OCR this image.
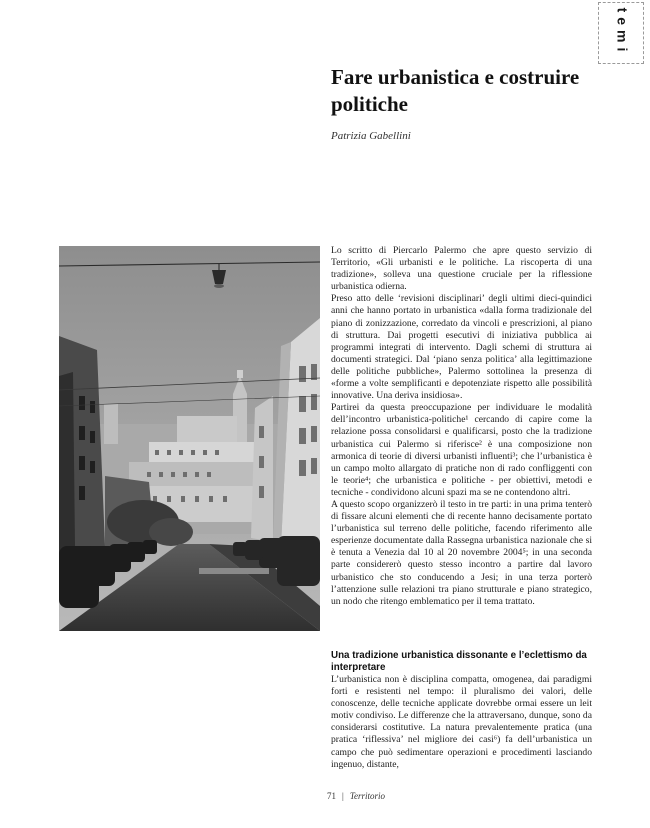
temi
Fare urbanistica e costruire politiche

Patrizia Gabellini

Lo scritto di Piercarlo Palermo che apre questo servizio di Territorio, «Gli urbanisti e le politiche. La riscoperta di una tradizione», solleva una questione cruciale per la riflessione urbanistica odierna.

Preso atto delle ‘revisioni disciplinari’ degli ultimi dieci-quindici anni che hanno portato in urbanistica «dalla forma tradizionale del piano di zonizzazione, corredato da vincoli e prescrizioni, al piano di struttura. Dai progetti esecutivi di iniziativa pubblica ai programmi integrati di intervento. Dagli schemi di struttura ai documenti strategici. Dal ‘piano senza politica’ alla legittimazione delle politiche pubbliche», Palermo sottolinea la presenza di «forme a volte semplificanti e depotenziate rispetto alle possibilità innovative. Una deriva insidiosa».

Partirei da questa preoccupazione per individuare le modalità dell’incontro urbanistica-politiche¹ cercando di capire come la relazione possa consolidarsi e qualificarsi, posto che la tradizione urbanistica cui Palermo si riferisce² è una composizione non armonica di teorie di diversi urbanisti influenti³; che l’urbanistica è un campo molto allargato di pratiche non di rado confliggenti con le teorie⁴; che urbanistica e politiche - per obiettivi, metodi e tecniche - condividono alcuni spazi ma se ne contendono altri.

A questo scopo organizzerò il testo in tre parti: in una prima tenterò di fissare alcuni elementi che di recente hanno decisamente portato l’urbanistica sul terreno delle politiche, facendo riferimento alle esperienze documentate dalla Rassegna urbanistica nazionale che si è tenuta a Venezia dal 10 al 20 novembre 2004⁵; in una seconda parte considererò questo stesso incontro a partire dal lavoro urbanistico che sto conducendo a Jesi; in una terza porterò l’attenzione sulle relazioni tra piano strutturale e piano strategico, un nodo che ritengo emblematico per il tema trattato.

Una tradizione urbanistica dissonante e l’eclettismo da interpretare

L’urbanistica non è disciplina compatta, omogenea, dai paradigmi forti e resistenti nel tempo: il pluralismo dei valori, delle conoscenze, delle tecniche applicate dovrebbe ormai essere un leit motiv condiviso. Le differenze che la attraversano, dunque, sono da considerarsi costitutive. La natura prevalentemente pratica (una pratica ‘riflessiva’ nel migliore dei casi⁶) fa dell’urbanistica un campo che può sedimentare operazioni e procedimenti lasciando ingenuo, distante,

71 | Territorio
